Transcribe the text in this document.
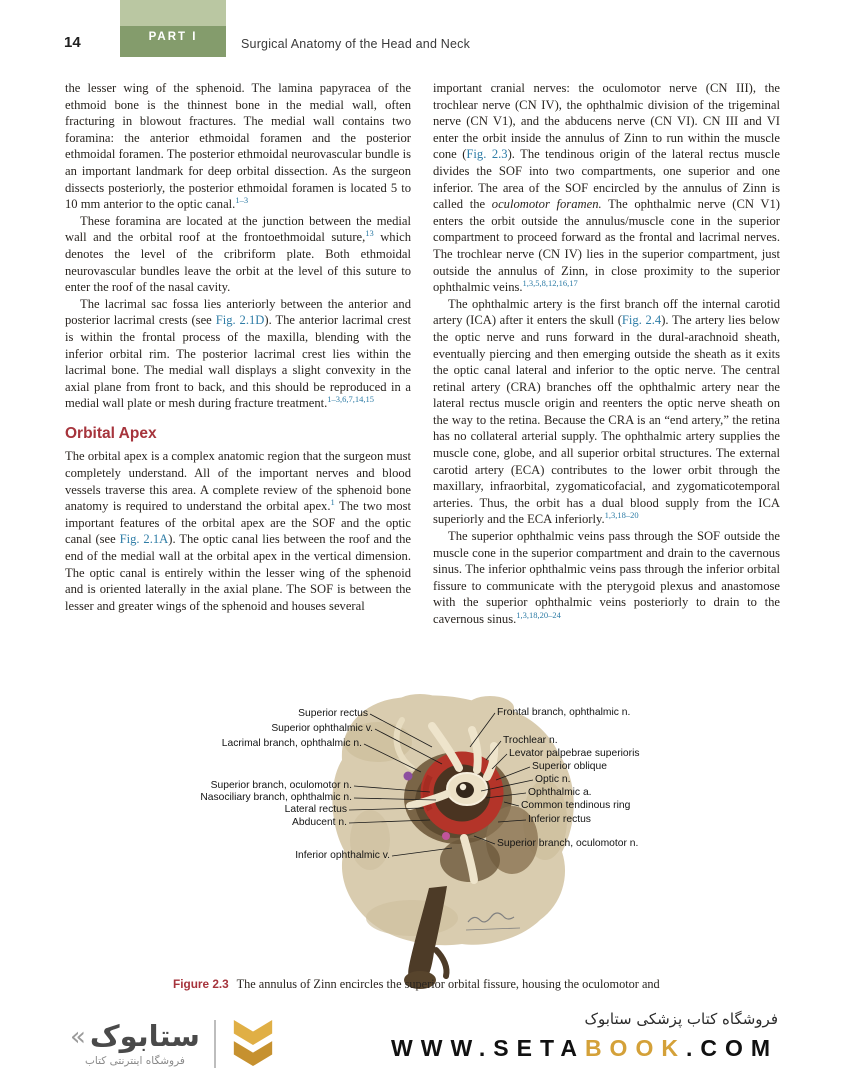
14	PART I	Surgical Anatomy of the Head and Neck

the lesser wing of the sphenoid. The lamina papyracea of the ethmoid bone is the thinnest bone in the medial wall, often fracturing in blowout fractures. The medial wall contains two foramina: the anterior ethmoidal foramen and the posterior ethmoidal foramen. The posterior ethmoidal neurovascular bundle is an important landmark for deep orbital dissection. As the surgeon dissects posteriorly, the posterior ethmoidal foramen is located 5 to 10 mm anterior to the optic canal.$^{1-3}$

These foramina are located at the junction between the medial wall and the orbital roof at the frontoethmoidal suture,$^{13}$ which denotes the level of the cribriform plate. Both ethmoidal neurovascular bundles leave the orbit at the level of this suture to enter the roof of the nasal cavity.

The lacrimal sac fossa lies anteriorly between the anterior and posterior lacrimal crests (see Fig. 2.1D). The anterior lacrimal crest is within the frontal process of the maxilla, blending with the inferior orbital rim. The posterior lacrimal crest lies within the lacrimal bone. The medial wall displays a slight convexity in the axial plane from front to back, and this should be reproduced in a medial wall plate or mesh during fracture treatment.$^{1-3,6,7,14,15}$

Orbital Apex

The orbital apex is a complex anatomic region that the surgeon must completely understand. All of the important nerves and blood vessels traverse this area. A complete review of the sphenoid bone anatomy is required to understand the orbital apex.$^1$ The two most important features of the orbital apex are the SOF and the optic canal (see Fig. 2.1A). The optic canal lies between the roof and the end of the medial wall at the orbital apex in the vertical dimension. The optic canal is entirely within the lesser wing of the sphenoid and is oriented laterally in the axial plane. The SOF is between the lesser and greater wings of the sphenoid and houses several

important cranial nerves: the oculomotor nerve (CN III), the trochlear nerve (CN IV), the ophthalmic division of the trigeminal nerve (CN V1), and the abducens nerve (CN VI). CN III and VI enter the orbit inside the annulus of Zinn to run within the muscle cone (Fig. 2.3). The tendinous origin of the lateral rectus muscle divides the SOF into two compartments, one superior and one inferior. The area of the SOF encircled by the annulus of Zinn is called the oculomotor foramen. The ophthalmic nerve (CN V1) enters the orbit outside the annulus/muscle cone in the superior compartment to proceed forward as the frontal and lacrimal nerves. The trochlear nerve (CN IV) lies in the superior compartment, just outside the annulus of Zinn, in close proximity to the superior ophthalmic veins.$^{1,3,5,8,12,16,17}$

The ophthalmic artery is the first branch off the internal carotid artery (ICA) after it enters the skull (Fig. 2.4). The artery lies below the optic nerve and runs forward in the dural-arachnoid sheath, eventually piercing and then emerging outside the sheath as it exits the optic canal lateral and inferior to the optic nerve. The central retinal artery (CRA) branches off the ophthalmic artery near the lateral rectus muscle origin and reenters the optic nerve sheath on the way to the retina. Because the CRA is an “end artery,” the retina has no collateral arterial supply. The ophthalmic artery supplies the muscle cone, globe, and all superior orbital structures. The external carotid artery (ECA) contributes to the lower orbit through the maxillary, infraorbital, zygomaticofacial, and zygomaticotemporal arteries. Thus, the orbit has a dual blood supply from the ICA superiorly and the ECA inferiorly.$^{1,3,18-20}$

The superior ophthalmic veins pass through the SOF outside the muscle cone in the superior compartment and drain to the cavernous sinus. The inferior ophthalmic veins pass through the inferior orbital fissure to communicate with the pterygoid plexus and anastomose with the superior ophthalmic veins posteriorly to drain to the cavernous sinus.$^{1,3,18,20-24}$

Superior rectus
Superior ophthalmic v.
Lacrimal branch, ophthalmic n.
Superior branch, oculomotor n.
Nasociliary branch, ophthalmic n.
Lateral rectus
Abducent n.
Inferior ophthalmic v.
Frontal branch, ophthalmic n.
Trochlear n.
Levator palpebrae superioris
Superior oblique
Optic n.
Ophthalmic a.
Common tendinous ring
Inferior rectus
Superior branch, oculomotor n.

Figure 2.3 The annulus of Zinn encircles the superior orbital fissure, housing the oculomotor and

« ستابوک
فروشگاه اینترنتی کتاب
فروشگاه کتاب پزشکی ستابوک
WWW.SETABOOK.COM
